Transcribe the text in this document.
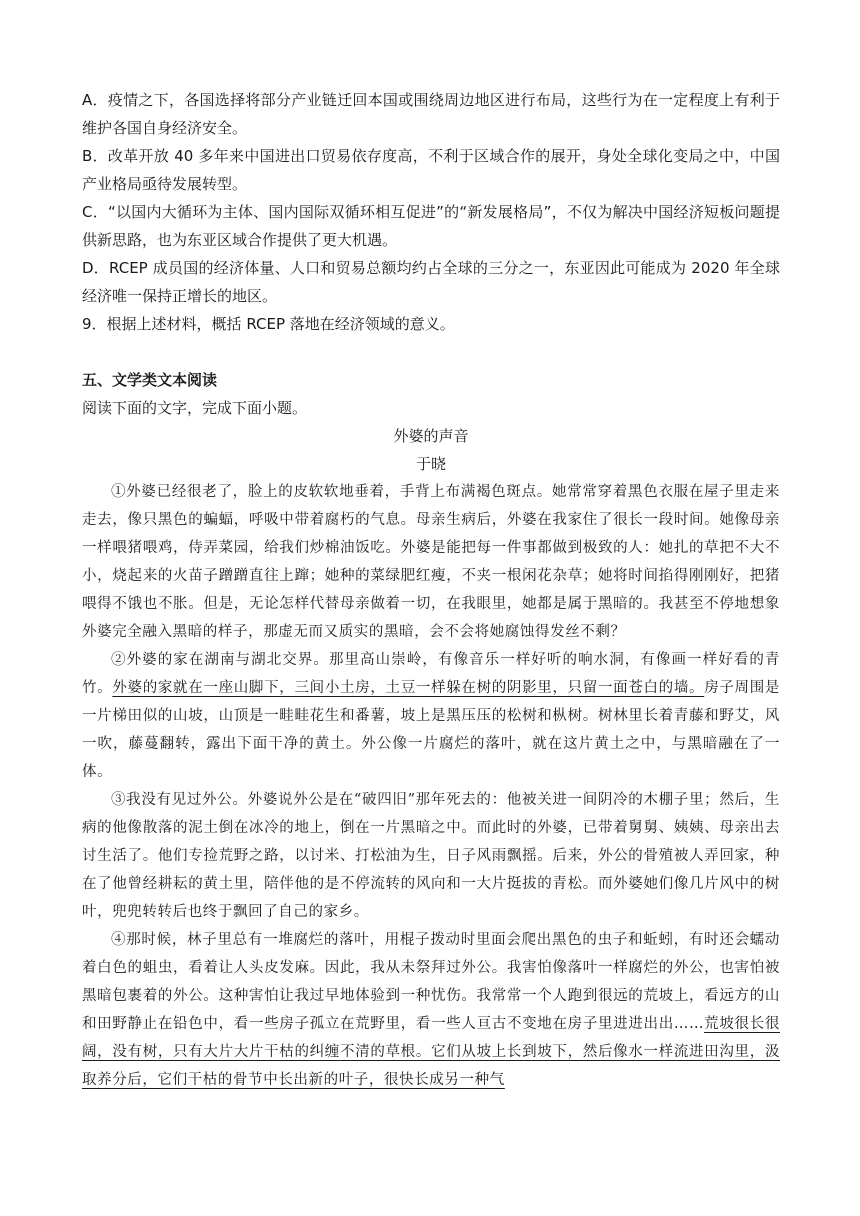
A．疫情之下，各国选择将部分产业链迁回本国或围绕周边地区进行布局，这些行为在一定程度上有利于维护各国自身经济安全。

B．改革开放 40 多年来中国进出口贸易依存度高，不利于区域合作的展开，身处全球化变局之中，中国产业格局亟待发展转型。

C．“以国内大循环为主体、国内国际双循环相互促进”的“新发展格局”，不仅为解决中国经济短板问题提供新思路，也为东亚区域合作提供了更大机遇。

D．RCEP 成员国的经济体量、人口和贸易总额均约占全球的三分之一，东亚因此可能成为 2020 年全球经济唯一保持正增长的地区。

9．根据上述材料，概括 RCEP 落地在经济领域的意义。

五、文学类文本阅读

阅读下面的文字，完成下面小题。

外婆的声音

于晓

①外婆已经很老了，脸上的皮软软地垂着，手背上布满褐色斑点。她常常穿着黑色衣服在屋子里走来走去，像只黑色的蝙蝠，呼吸中带着腐朽的气息。母亲生病后，外婆在我家住了很长一段时间。她像母亲一样喂猪喂鸡，侍弄菜园，给我们炒棉油饭吃。外婆是能把每一件事都做到极致的人：她扎的草把不大不小，烧起来的火苗子蹭蹭直往上蹿；她种的菜绿肥红瘦，不夹一根闲花杂草；她将时间掐得刚刚好，把猪喂得不饿也不胀。但是，无论怎样代替母亲做着一切，在我眼里，她都是属于黑暗的。我甚至不停地想象外婆完全融入黑暗的样子，那虚无而又质实的黑暗，会不会将她腐蚀得发丝不剩？

②外婆的家在湖南与湖北交界。那里高山崇岭，有像音乐一样好听的响水洞，有像画一样好看的青竹。外婆的家就在一座山脚下，三间小土房，土豆一样躲在树的阴影里，只留一面苍白的墙。房子周围是一片梯田似的山坡，山顶是一畦畦花生和番薯，坡上是黑压压的松树和枞树。树林里长着青藤和野艾，风一吹，藤蔓翻转，露出下面干净的黄土。外公像一片腐烂的落叶，就在这片黄土之中，与黑暗融在了一体。

③我没有见过外公。外婆说外公是在“破四旧”那年死去的：他被关进一间阴冷的木棚子里；然后，生病的他像散落的泥土倒在冰冷的地上，倒在一片黑暗之中。而此时的外婆，已带着舅舅、姨姨、母亲出去讨生活了。他们专捡荒野之路，以讨米、打松油为生，日子风雨飘摇。后来，外公的骨殖被人弄回家，种在了他曾经耕耘的黄土里，陪伴他的是不停流转的风向和一大片挺拔的青松。而外婆她们像几片风中的树叶，兜兜转转后也终于飘回了自己的家乡。

④那时候，林子里总有一堆腐烂的落叶，用棍子拨动时里面会爬出黑色的虫子和蚯蚓，有时还会蠕动着白色的蛆虫，看着让人头皮发麻。因此，我从未祭拜过外公。我害怕像落叶一样腐烂的外公，也害怕被黑暗包裹着的外公。这种害怕让我过早地体验到一种忧伤。我常常一个人跑到很远的荒坡上，看远方的山和田野静止在铅色中，看一些房子孤立在荒野里，看一些人亘古不变地在房子里进进出出……荒坡很长很阔，没有树，只有大片大片干枯的纠缠不清的草根。它们从坡上长到坡下，然后像水一样流进田沟里，汲取养分后，它们干枯的骨节中长出新的叶子，很快长成另一种气
